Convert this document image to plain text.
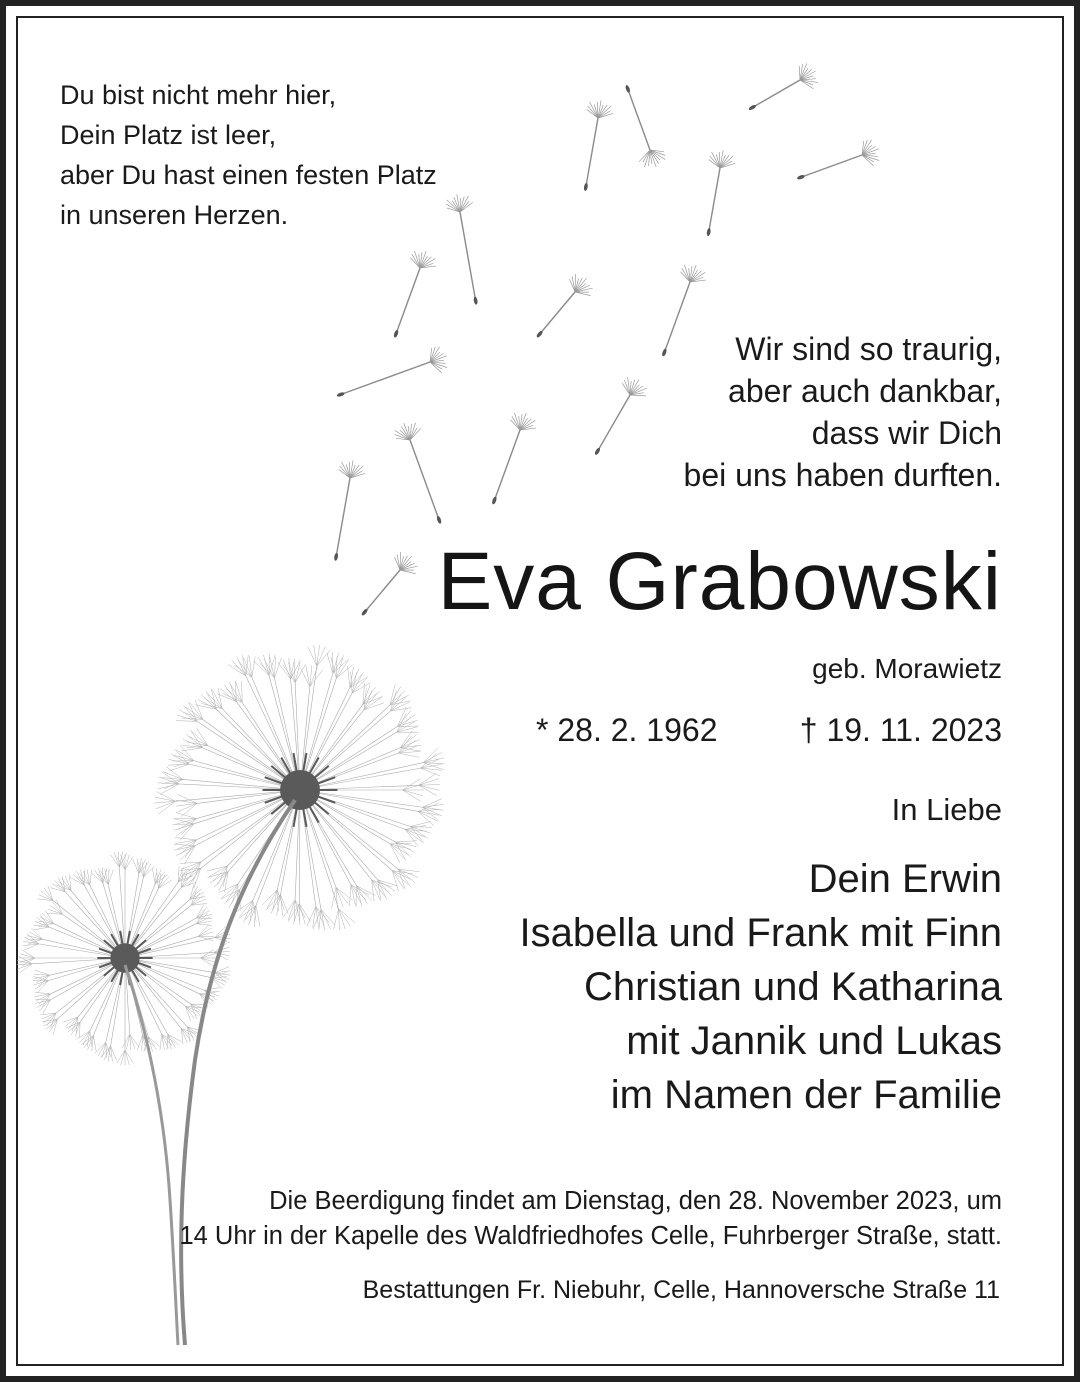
Du bist nicht mehr hier,
Dein Platz ist leer,
aber Du hast einen festen Platz
in unseren Herzen.
Wir sind so traurig,
aber auch dankbar,
dass wir Dich
bei uns haben durften.
Eva Grabowski
geb. Morawietz
* 28. 2. 1962	† 19. 11. 2023
In Liebe
Dein Erwin
Isabella und Frank mit Finn
Christian und Katharina
mit Jannik und Lukas
im Namen der Familie
Die Beerdigung findet am Dienstag, den 28. November 2023, um
14 Uhr in der Kapelle des Waldfriedhofes Celle, Fuhrberger Straße, statt.
Bestattungen Fr. Niebuhr, Celle, Hannoversche Straße 11
